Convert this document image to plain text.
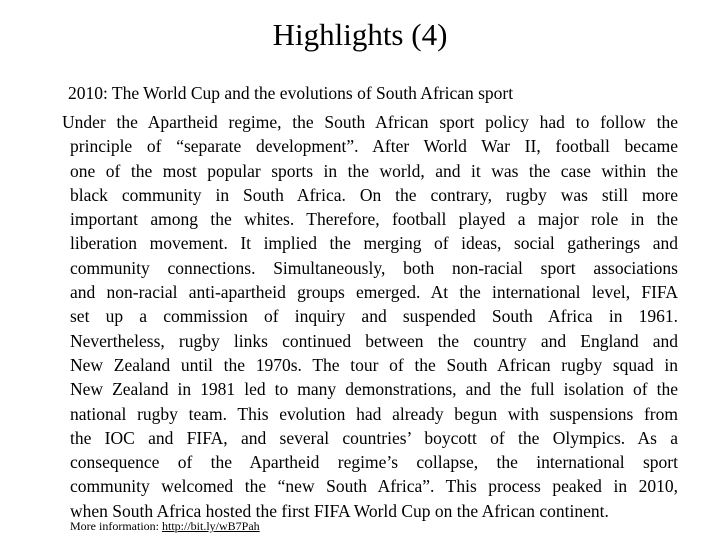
Highlights (4)
2010: The World Cup and the evolutions of South African sport
Under the Apartheid regime, the South African sport policy had to follow the
principle of “separate development”. After World War II, football became
one of the most popular sports in the world, and it was the case within the
black community in South Africa. On the contrary, rugby was still more
important among the whites. Therefore, football played a major role in the
liberation movement. It implied the merging of ideas, social gatherings and
community connections. Simultaneously, both non-racial sport associations
and non-racial anti-apartheid groups emerged. At the international level, FIFA
set up a commission of inquiry and suspended South Africa in 1961.
Nevertheless, rugby links continued between the country and England and
New Zealand until the 1970s. The tour of the South African rugby squad in
New Zealand in 1981 led to many demonstrations, and the full isolation of the
national rugby team. This evolution had already begun with suspensions from
the IOC and FIFA, and several countries’ boycott of the Olympics. As a
consequence of the Apartheid regime’s collapse, the international sport
community welcomed the “new South Africa”. This process peaked in 2010,
when South Africa hosted the first FIFA World Cup on the African continent.
More information: http://bit.ly/wB7Pah
